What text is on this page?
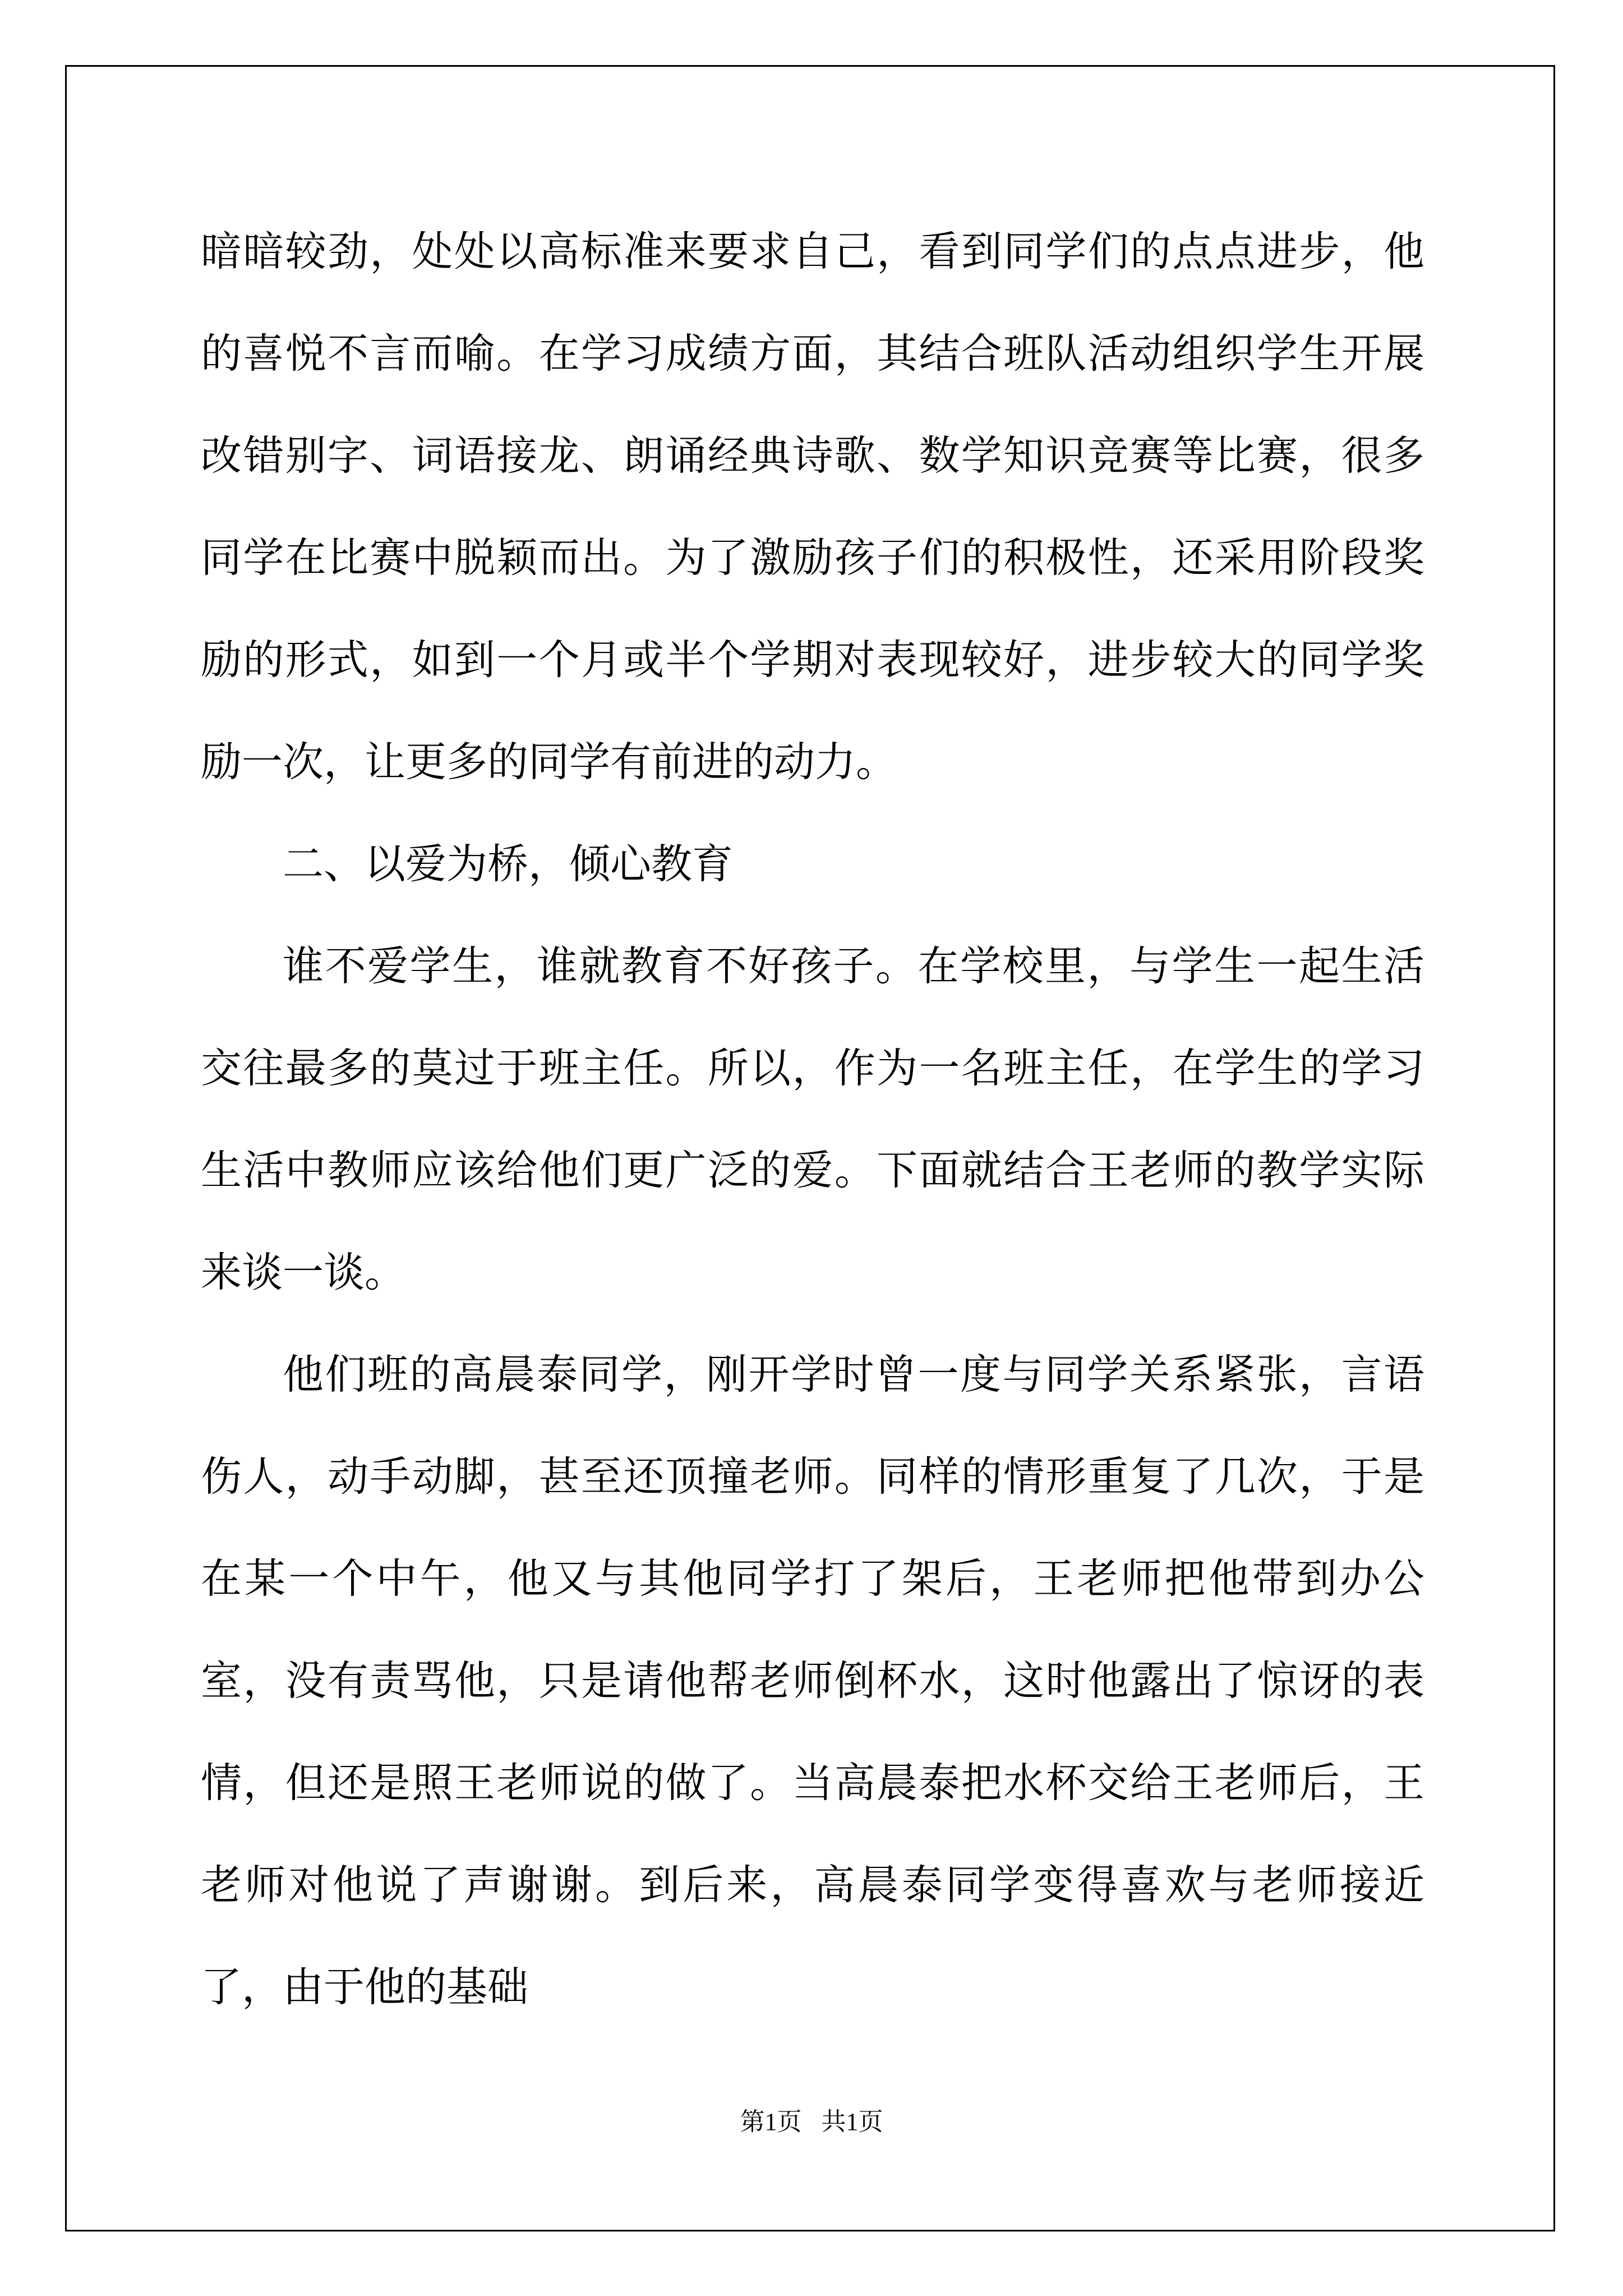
暗暗较劲，处处以高标准来要求自己，看到同学们的点点进步，他的喜悦不言而喻。在学习成绩方面，其结合班队活动组织学生开展改错别字、词语接龙、朗诵经典诗歌、数学知识竞赛等比赛，很多同学在比赛中脱颖而出。为了激励孩子们的积极性，还采用阶段奖励的形式，如到一个月或半个学期对表现较好，进步较大的同学奖励一次，让更多的同学有前进的动力。

二、以爱为桥，倾心教育

谁不爱学生，谁就教育不好孩子。在学校里，与学生一起生活交往最多的莫过于班主任。所以，作为一名班主任，在学生的学习生活中教师应该给他们更广泛的爱。下面就结合王老师的教学实际来谈一谈。

他们班的高晨泰同学，刚开学时曾一度与同学关系紧张，言语伤人，动手动脚，甚至还顶撞老师。同样的情形重复了几次，于是在某一个中午，他又与其他同学打了架后，王老师把他带到办公室，没有责骂他，只是请他帮老师倒杯水，这时他露出了惊讶的表情，但还是照王老师说的做了。当高晨泰把水杯交给王老师后，王老师对他说了声谢谢。到后来，高晨泰同学变得喜欢与老师接近了，由于他的基础

第1页 共1页
